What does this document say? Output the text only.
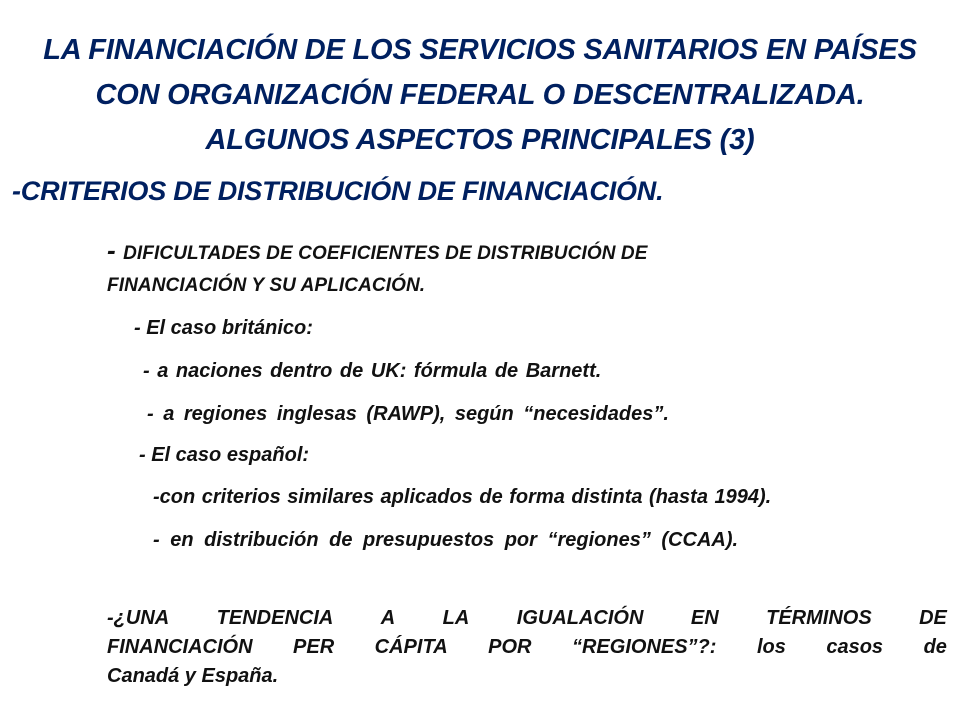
LA FINANCIACIÓN DE LOS SERVICIOS SANITARIOS EN PAÍSES
CON ORGANIZACIÓN FEDERAL O DESCENTRALIZADA.
ALGUNOS ASPECTOS PRINCIPALES (3)
-CRITERIOS DE DISTRIBUCIÓN DE FINANCIACIÓN.
- DIFICULTADES DE COEFICIENTES DE DISTRIBUCIÓN DE
FINANCIACIÓN Y SU APLICACIÓN.
- El caso británico:
- a naciones dentro de UK: fórmula de Barnett.
- a regiones inglesas (RAWP), según “necesidades”.
- El caso español:
-con criterios similares aplicados de forma distinta (hasta 1994).
- en distribución de presupuestos por “regiones” (CCAA).
-¿UNA TENDENCIA A LA IGUALACIÓN EN TÉRMINOS DE
FINANCIACIÓN PER CÁPITA POR “REGIONES”?: los casos de
Canadá y España.
